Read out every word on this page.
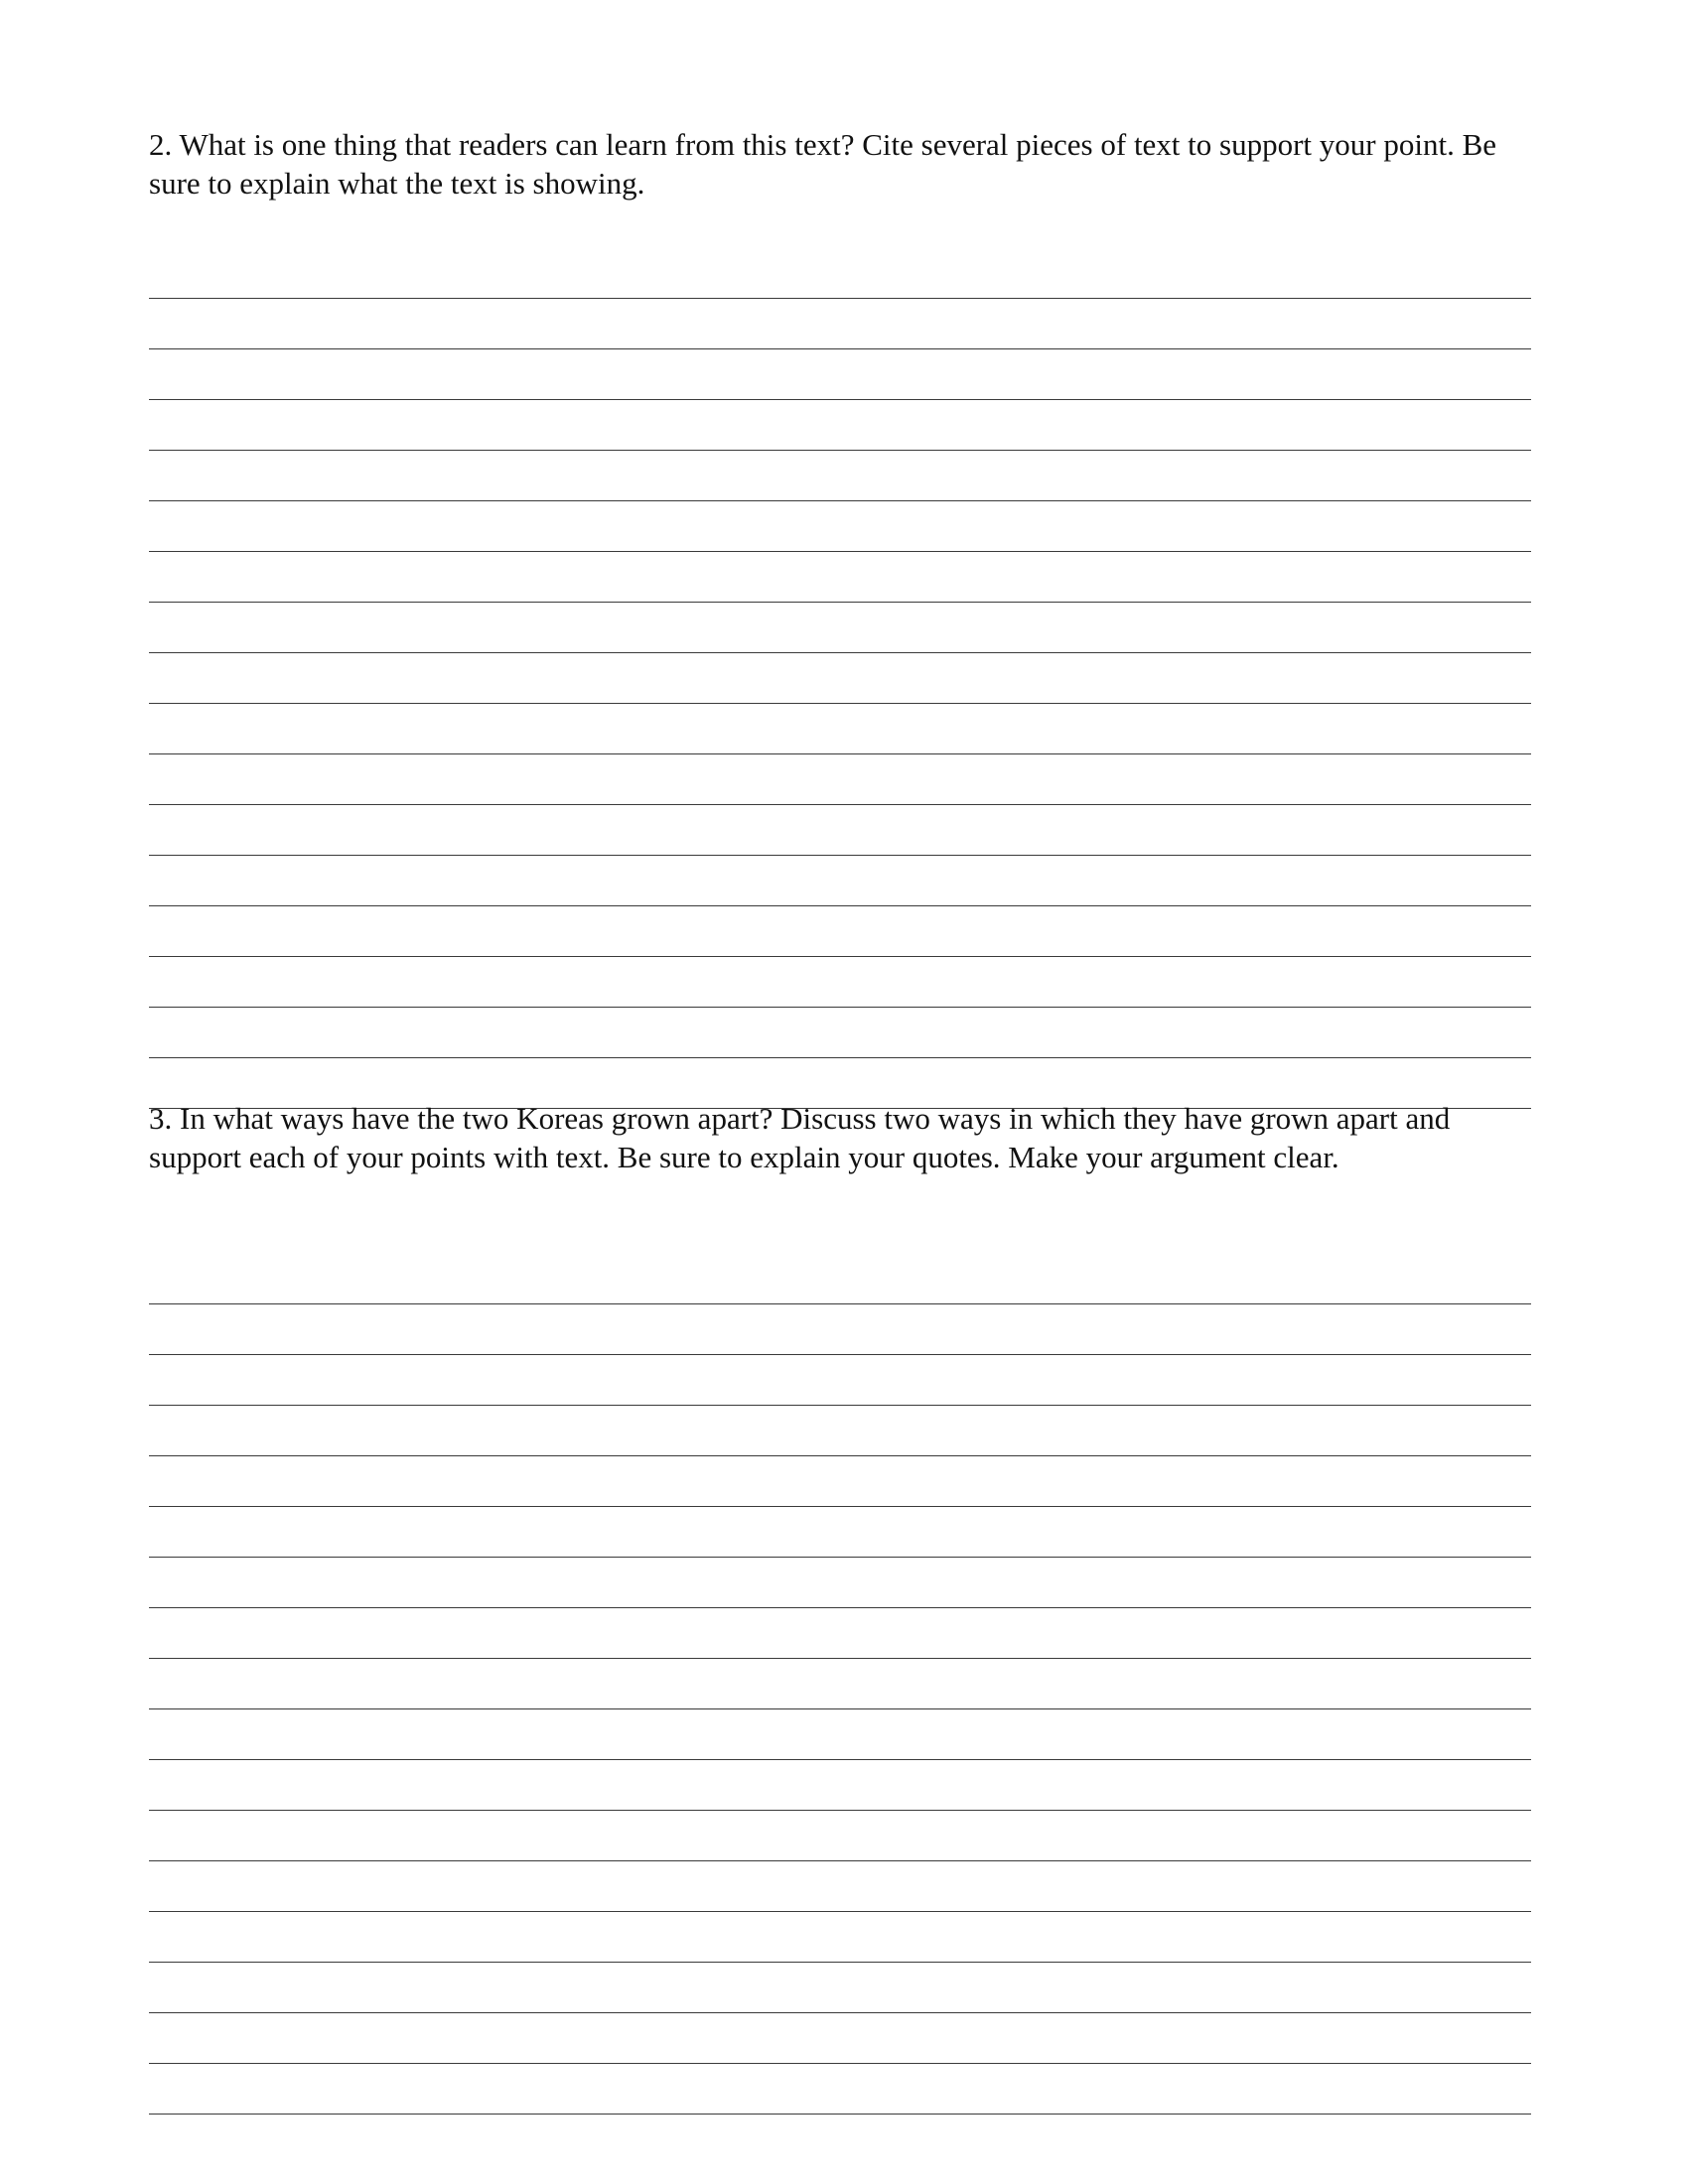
2. What is one thing that readers can learn from this text? Cite several pieces of text to support your point. Be sure to explain what the text is showing.

3. In what ways have the two Koreas grown apart? Discuss two ways in which they have grown apart and support each of your points with text. Be sure to explain your quotes. Make your argument clear.
